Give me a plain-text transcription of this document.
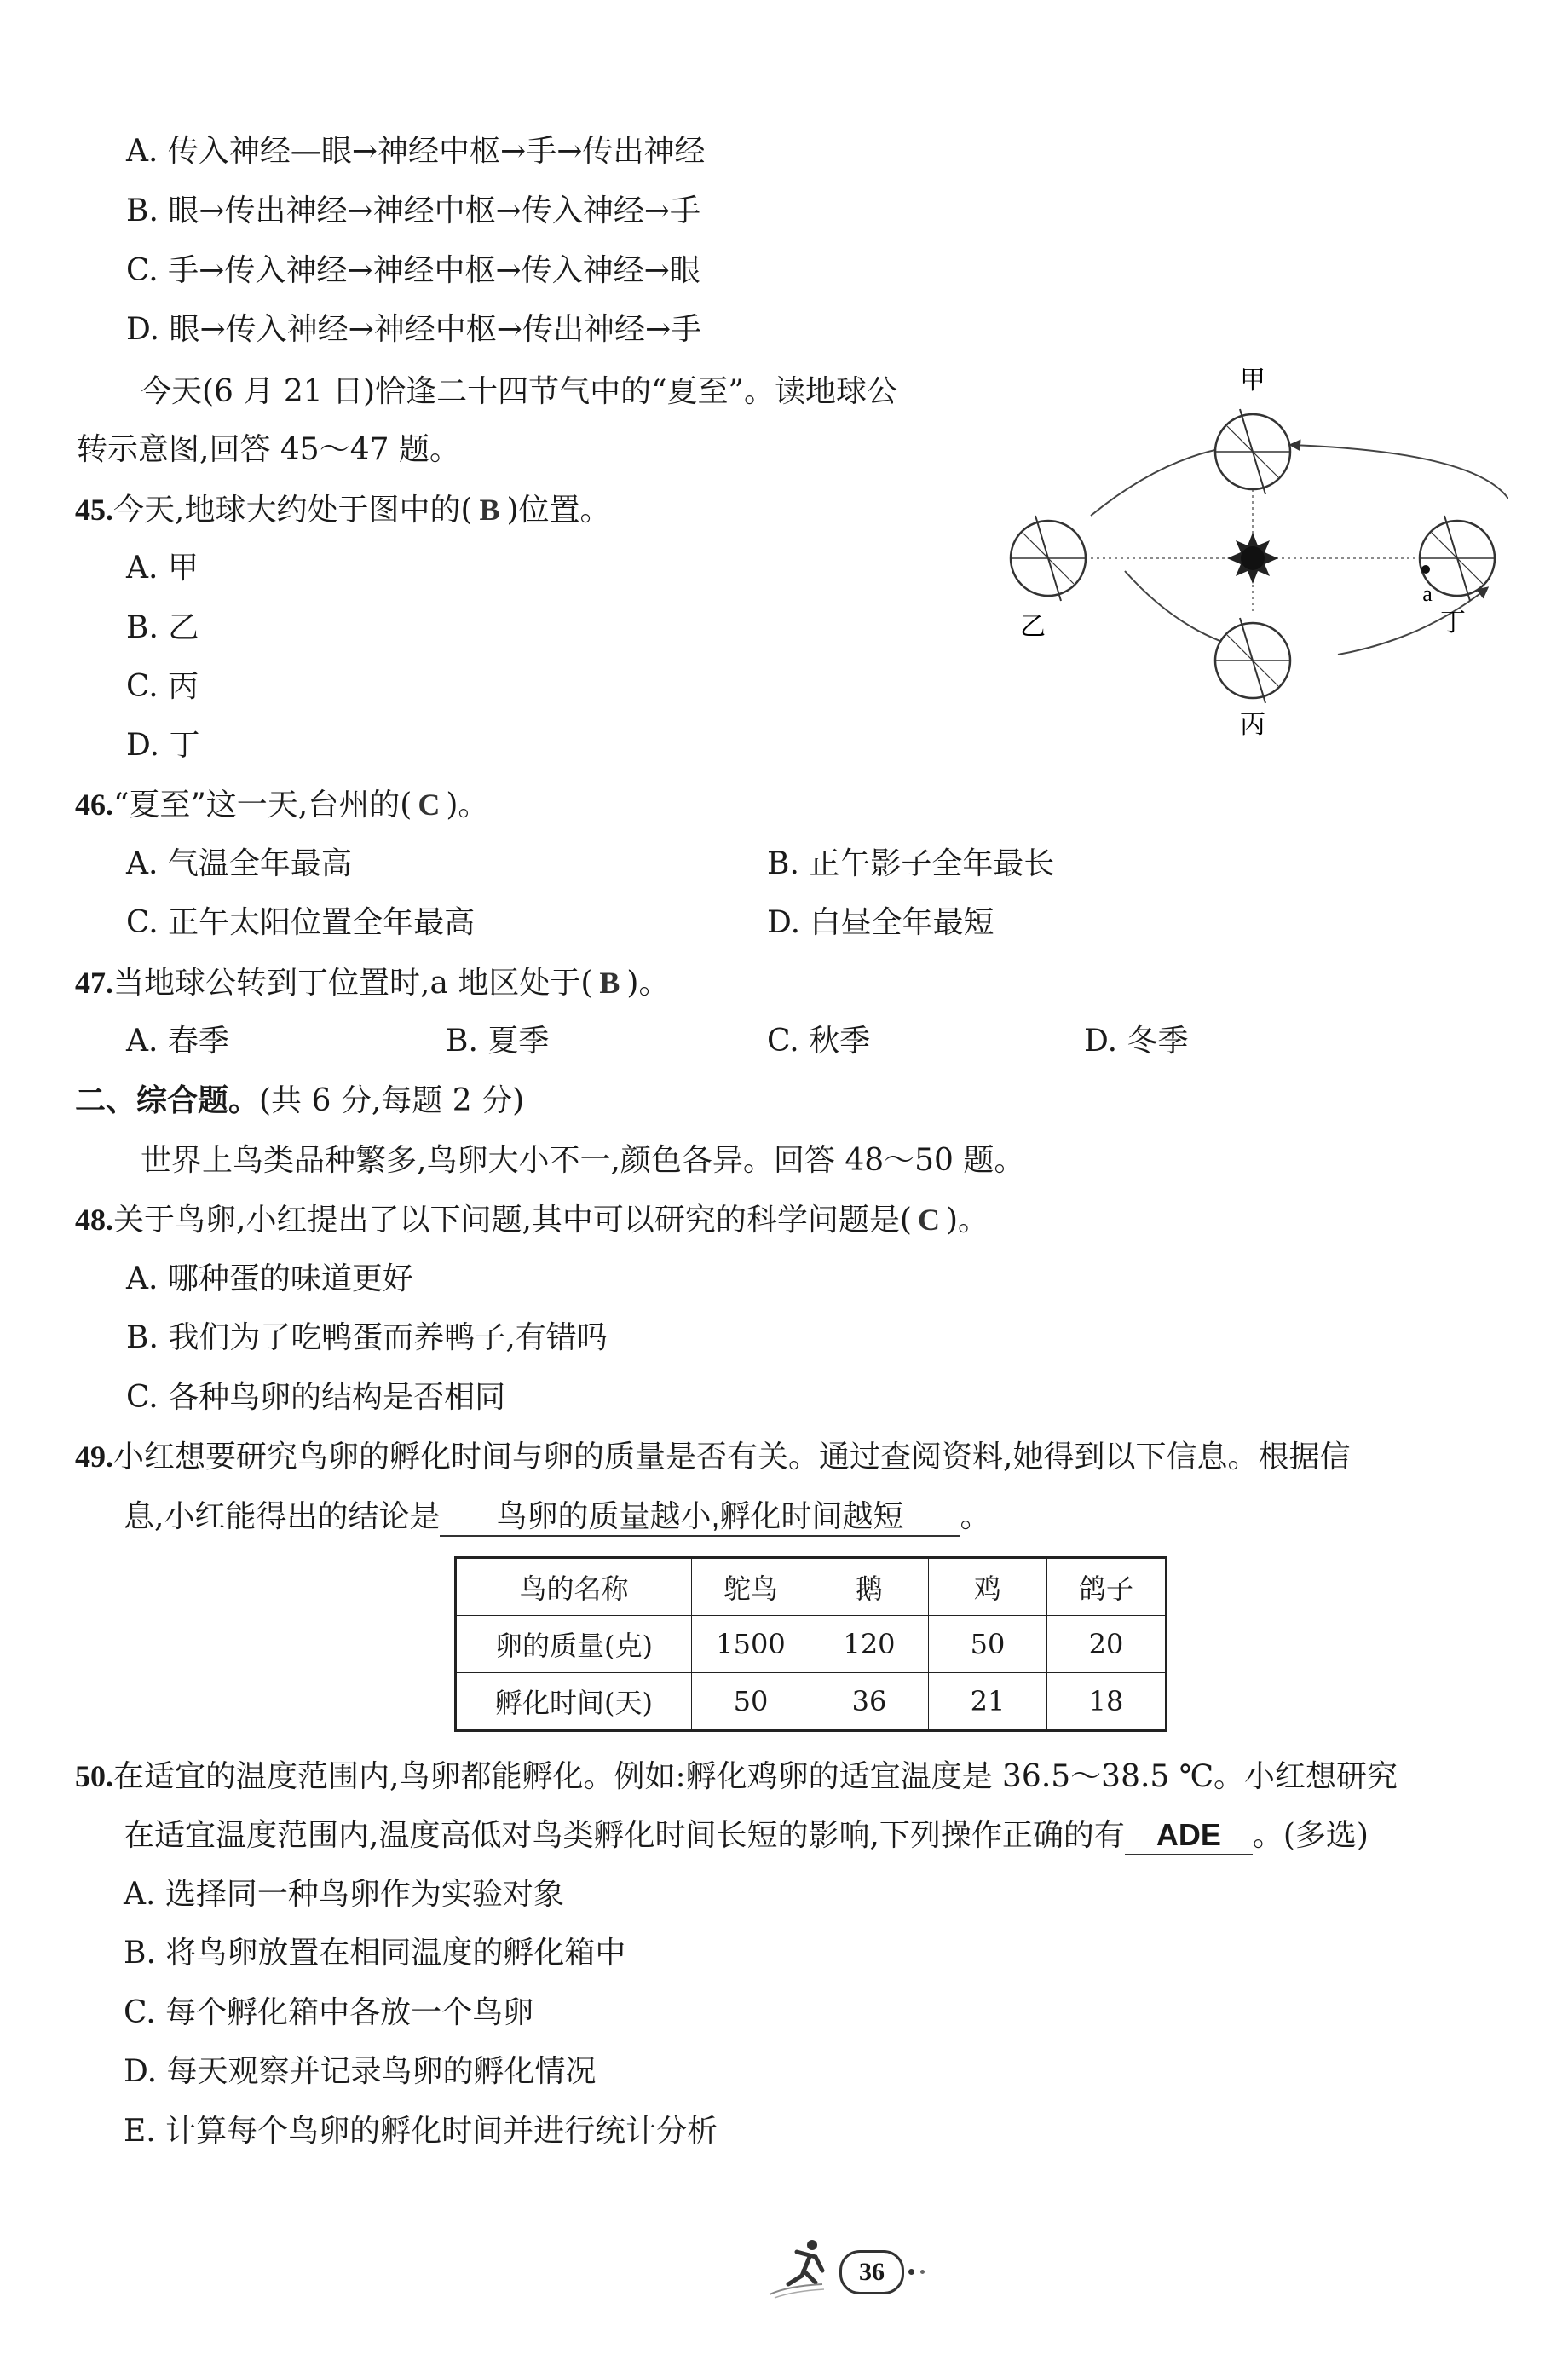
A. 传入神经—眼→神经中枢→手→传出神经
B. 眼→传出神经→神经中枢→传入神经→手
C. 手→传入神经→神经中枢→传入神经→眼
D. 眼→传入神经→神经中枢→传出神经→手
今天(6 月 21 日)恰逢二十四节气中的“夏至”。读地球公
转示意图,回答 45～47 题。
45.今天,地球大约处于图中的( B )位置。
A. 甲
B. 乙
C. 丙
D. 丁
甲
乙
丙
丁
a
46.“夏至”这一天,台州的( C )。
A. 气温全年最高	B. 正午影子全年最长
C. 正午太阳位置全年最高	D. 白昼全年最短
47.当地球公转到丁位置时,a 地区处于( B )。
A. 春季	B. 夏季	C. 秋季	D. 冬季
二、综合题。(共 6 分,每题 2 分)
世界上鸟类品种繁多,鸟卵大小不一,颜色各异。回答 48～50 题。
48.关于鸟卵,小红提出了以下问题,其中可以研究的科学问题是( C )。
A. 哪种蛋的味道更好
B. 我们为了吃鸭蛋而养鸭子,有错吗
C. 各种鸟卵的结构是否相同
49.小红想要研究鸟卵的孵化时间与卵的质量是否有关。通过查阅资料,她得到以下信息。根据信
息,小红能得出的结论是 鸟卵的质量越小,孵化时间越短 。
鸟的名称	鸵鸟	鹅	鸡	鸽子
卵的质量(克)	1500	120	50	20
孵化时间(天)	50	36	21	18
50.在适宜的温度范围内,鸟卵都能孵化。例如:孵化鸡卵的适宜温度是 36.5～38.5 ℃。小红想研究
在适宜温度范围内,温度高低对鸟类孵化时间长短的影响,下列操作正确的有 ADE 。(多选)
A. 选择同一种鸟卵作为实验对象
B. 将鸟卵放置在相同温度的孵化箱中
C. 每个孵化箱中各放一个鸟卵
D. 每天观察并记录鸟卵的孵化情况
E. 计算每个鸟卵的孵化时间并进行统计分析
36
